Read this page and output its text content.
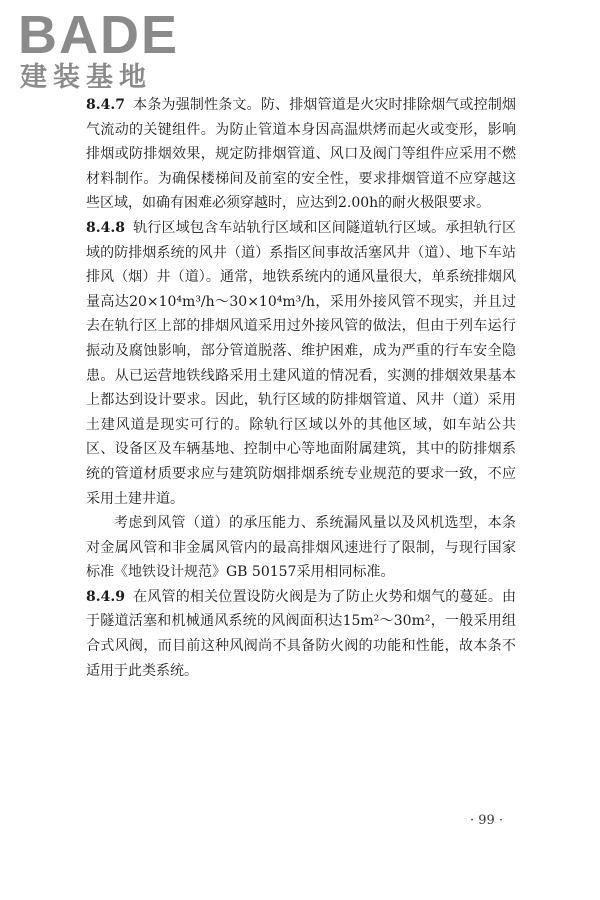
BADE
建装基地

8.4.7 本条为强制性条文。防、排烟管道是火灾时排除烟气或控制烟气流动的关键组件。为防止管道本身因高温烘烤而起火或变形，影响排烟或防排烟效果，规定防排烟管道、风口及阀门等组件应采用不燃材料制作。为确保楼梯间及前室的安全性，要求排烟管道不应穿越这些区域，如确有困难必须穿越时，应达到2.00h的耐火极限要求。

8.4.8 轨行区域包含车站轨行区域和区间隧道轨行区域。承担轨行区域的防排烟系统的风井（道）系指区间事故活塞风井（道）、地下车站排风（烟）井（道）。通常，地铁系统内的通风量很大，单系统排烟风量高达20×10⁴m³/h～30×10⁴m³/h，采用外接风管不现实，并且过去在轨行区上部的排烟风道采用过外接风管的做法，但由于列车运行振动及腐蚀影响，部分管道脱落、维护困难，成为严重的行车安全隐患。从已运营地铁线路采用土建风道的情况看，实测的排烟效果基本上都达到设计要求。因此，轨行区域的防排烟管道、风井（道）采用土建风道是现实可行的。除轨行区域以外的其他区域，如车站公共区、设备区及车辆基地、控制中心等地面附属建筑，其中的防排烟系统的管道材质要求应与建筑防烟排烟系统专业规范的要求一致，不应采用土建井道。

考虑到风管（道）的承压能力、系统漏风量以及风机选型，本条对金属风管和非金属风管内的最高排烟风速进行了限制，与现行国家标准《地铁设计规范》GB 50157采用相同标准。

8.4.9 在风管的相关位置设防火阀是为了防止火势和烟气的蔓延。由于隧道活塞和机械通风系统的风阀面积达15m²～30m²，一般采用组合式风阀，而目前这种风阀尚不具备防火阀的功能和性能，故本条不适用于此类系统。

· 99 ·
